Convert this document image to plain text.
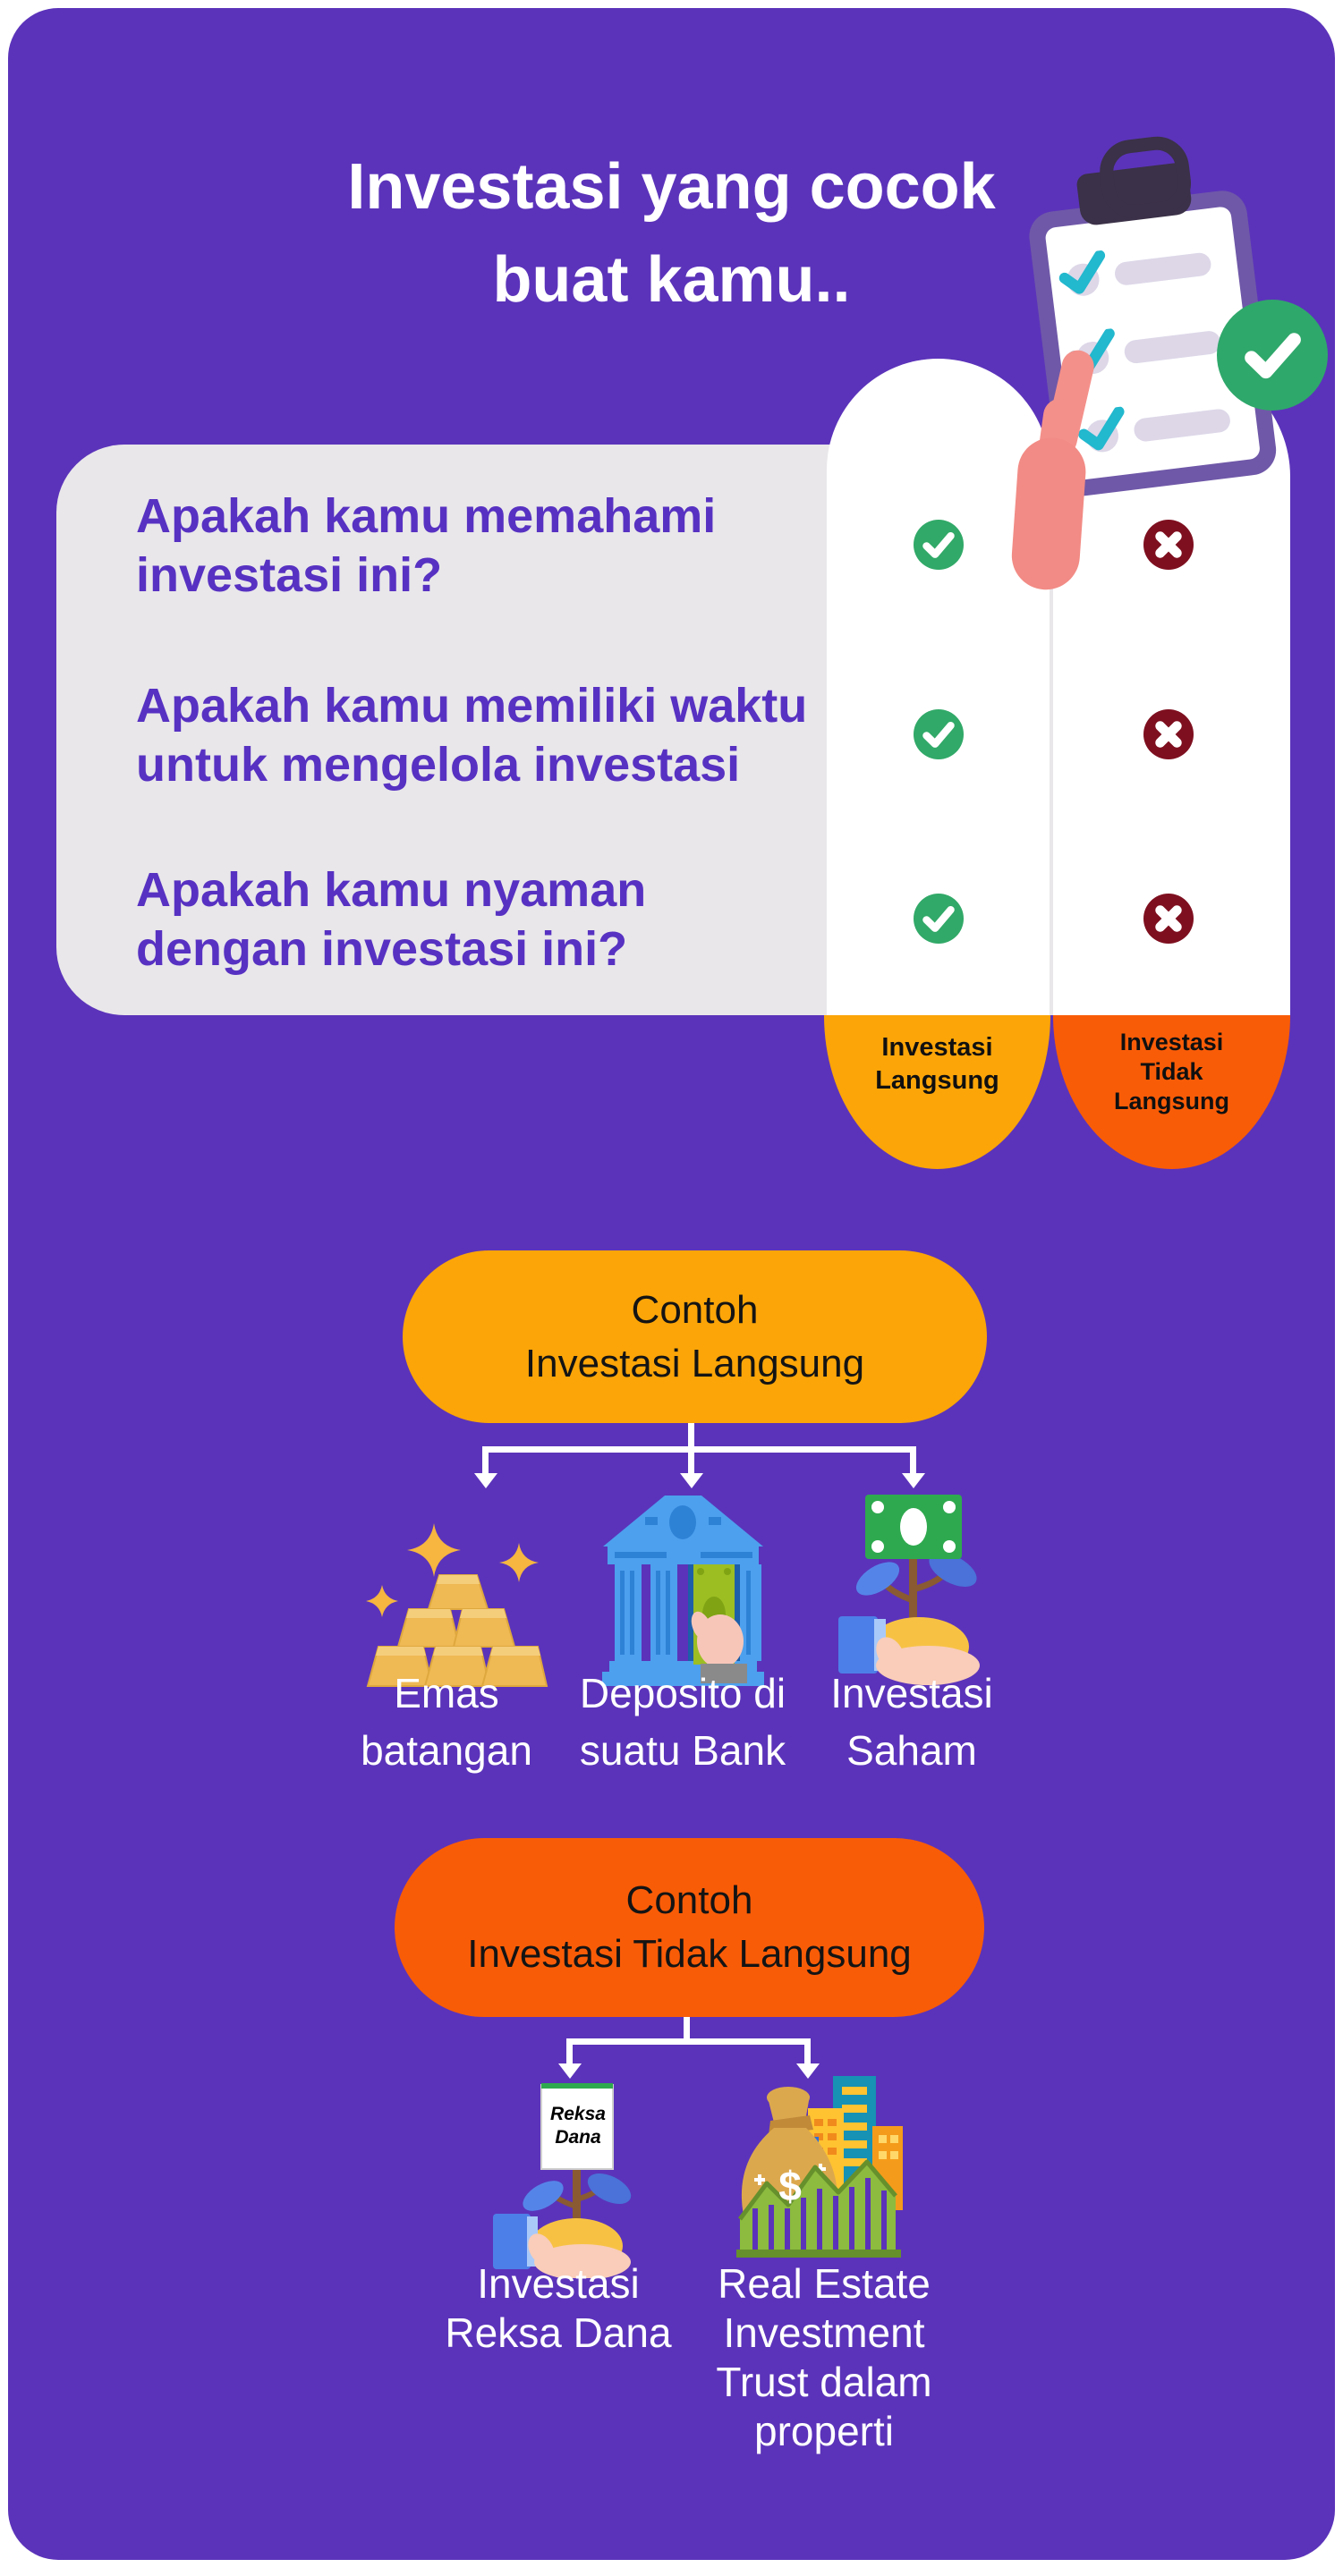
Investasi yang cocok
buat kamu..
Apakah kamu memahami
investasi ini?
Apakah kamu memiliki waktu
untuk mengelola investasi
Apakah kamu nyaman
dengan investasi ini?
Investasi
Langsung
Investasi
Tidak
Langsung
Contoh
Investasi Langsung
Emas
batangan
Deposito di
suatu Bank
Investasi
Saham
Contoh
Investasi Tidak Langsung
Reksa
Dana
$
Investasi
Reksa Dana
Real Estate
Investment
Trust dalam
properti
